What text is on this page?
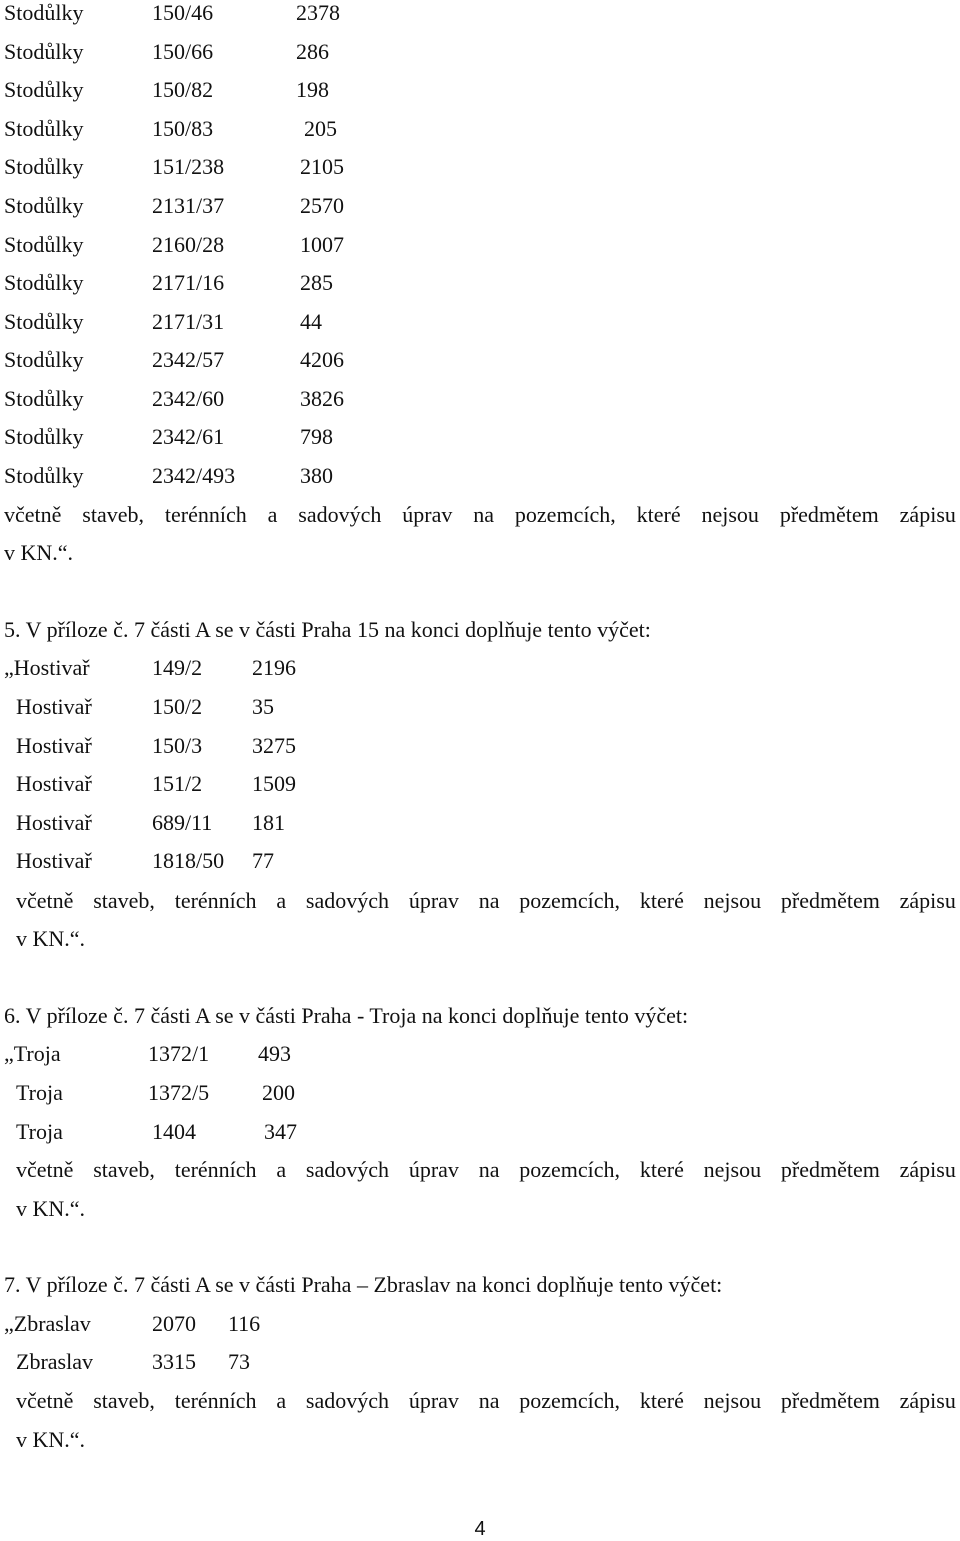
Stodůlky	150/46	2378
Stodůlky	150/66	286
Stodůlky	150/82	198
Stodůlky	150/83	205
Stodůlky	151/238	2105
Stodůlky	2131/37	2570
Stodůlky	2160/28	1007
Stodůlky	2171/16	285
Stodůlky	2171/31	44
Stodůlky	2342/57	4206
Stodůlky	2342/60	3826
Stodůlky	2342/61	798
Stodůlky	2342/493	380
včetně staveb, terénních a sadových úprav na pozemcích, které nejsou předmětem zápisu
v KN.“.
5. V příloze č. 7 části A se v části Praha 15 na konci doplňuje tento výčet:
„Hostivař	149/2 2196
Hostivař	150/2 35
Hostivař	150/3 3275
Hostivař	151/2 1509
Hostivař	689/11 181
Hostivař	1818/50 77
včetně staveb, terénních a sadových úprav na pozemcích, které nejsou předmětem zápisu
v KN.“.
6. V příloze č. 7 části A se v části Praha - Troja na konci doplňuje tento výčet:
„Troja	1372/1 493
Troja	1372/5 200
Troja	1404	347
včetně staveb, terénních a sadových úprav na pozemcích, které nejsou předmětem zápisu
v KN.“.
7. V příloze č. 7 části A se v části Praha – Zbraslav na konci doplňuje tento výčet:
„Zbraslav	2070 116
Zbraslav	3315 73
včetně staveb, terénních a sadových úprav na pozemcích, které nejsou předmětem zápisu
v KN.“.
4
